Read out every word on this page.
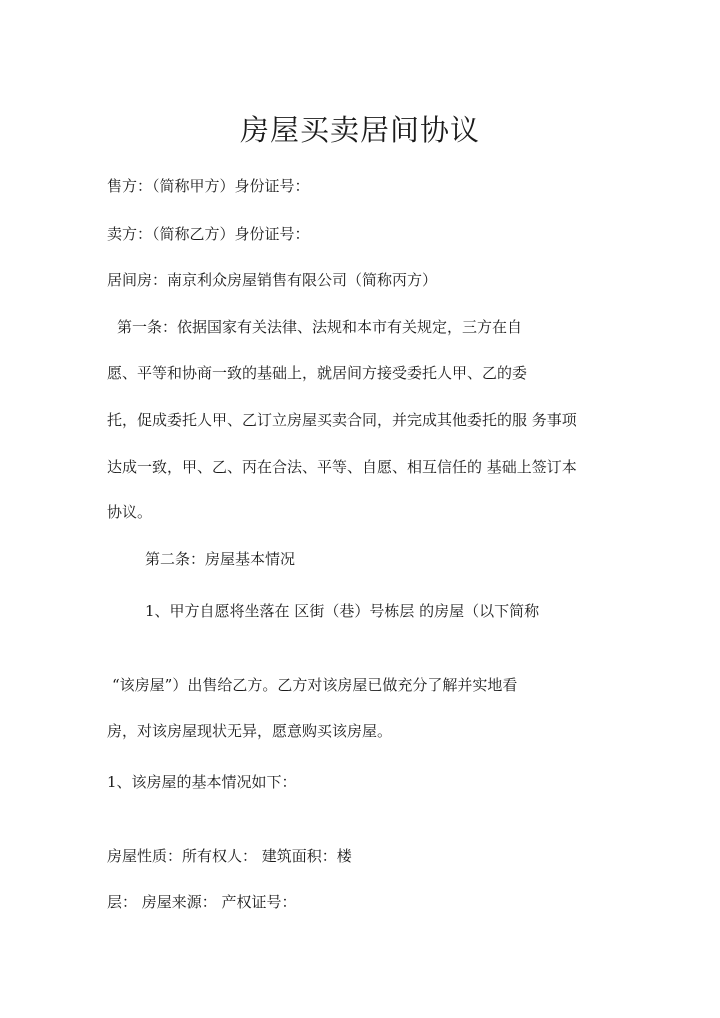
房屋买卖居间协议

售方：（简称甲方）身份证号：

卖方：（简称乙方）身份证号：

居间房：南京利众房屋销售有限公司（简称丙方）

第一条：依据国家有关法律、法规和本市有关规定，三方在自

愿、平等和协商一致的基础上，就居间方接受委托人甲、乙的委

托，促成委托人甲、乙订立房屋买卖合同，并完成其他委托的服 务事项

达成一致，甲、乙、丙在合法、平等、自愿、相互信任的 基础上签订本

协议。

第二条：房屋基本情况

1、甲方自愿将坐落在 区街（巷）号栋层 的房屋（以下简称

“该房屋”）出售给乙方。乙方对该房屋已做充分了解并实地看

房，对该房屋现状无异，愿意购买该房屋。

1、该房屋的基本情况如下：

房屋性质：所有权人： 建筑面积：楼

层： 房屋来源： 产权证号：
